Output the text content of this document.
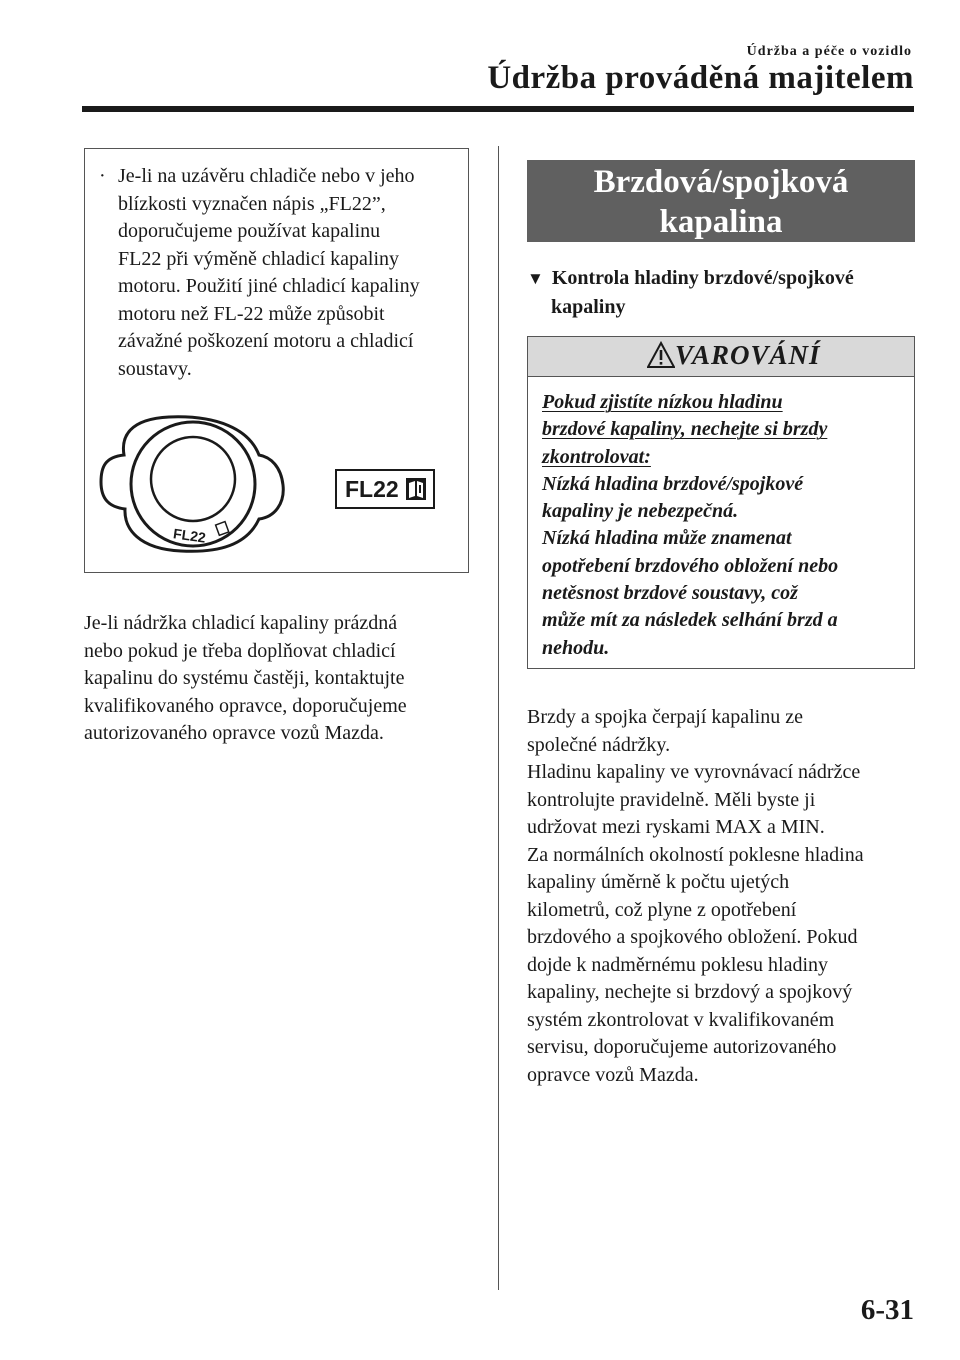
Údržba a péče o vozidlo
Údržba prováděná majitelem
· Je-li na uzávěru chladiče nebo v jeho
blízkosti vyznačen nápis „FL22”,
doporučujeme používat kapalinu
FL22 při výměně chladicí kapaliny
motoru. Použití jiné chladicí kapaliny
motoru než FL-22 může způsobit
závažné poškození motoru a chladicí
soustavy.
FL22
FL22
Je-li nádržka chladicí kapaliny prázdná
nebo pokud je třeba doplňovat chladicí
kapalinu do systému častěji, kontaktujte
kvalifikovaného opravce, doporučujeme
autorizovaného opravce vozů Mazda.
Brzdová/spojková
kapalina
▼ Kontrola hladiny brzdové/spojkové
kapaliny
VAROVÁNÍ
Pokud zjistíte nízkou hladinu
brzdové kapaliny, nechejte si brzdy
zkontrolovat:
Nízká hladina brzdové/spojkové
kapaliny je nebezpečná.
Nízká hladina může znamenat
opotřebení brzdového obložení nebo
netěsnost brzdové soustavy, což
může mít za následek selhání brzd a
nehodu.
Brzdy a spojka čerpají kapalinu ze
společné nádržky.
Hladinu kapaliny ve vyrovnávací nádržce
kontrolujte pravidelně. Měli byste ji
udržovat mezi ryskami MAX a MIN.
Za normálních okolností poklesne hladina
kapaliny úměrně k počtu ujetých
kilometrů, což plyne z opotřebení
brzdového a spojkového obložení. Pokud
dojde k nadměrnému poklesu hladiny
kapaliny, nechejte si brzdový a spojkový
systém zkontrolovat v kvalifikovaném
servisu, doporučujeme autorizovaného
opravce vozů Mazda.
6-31
